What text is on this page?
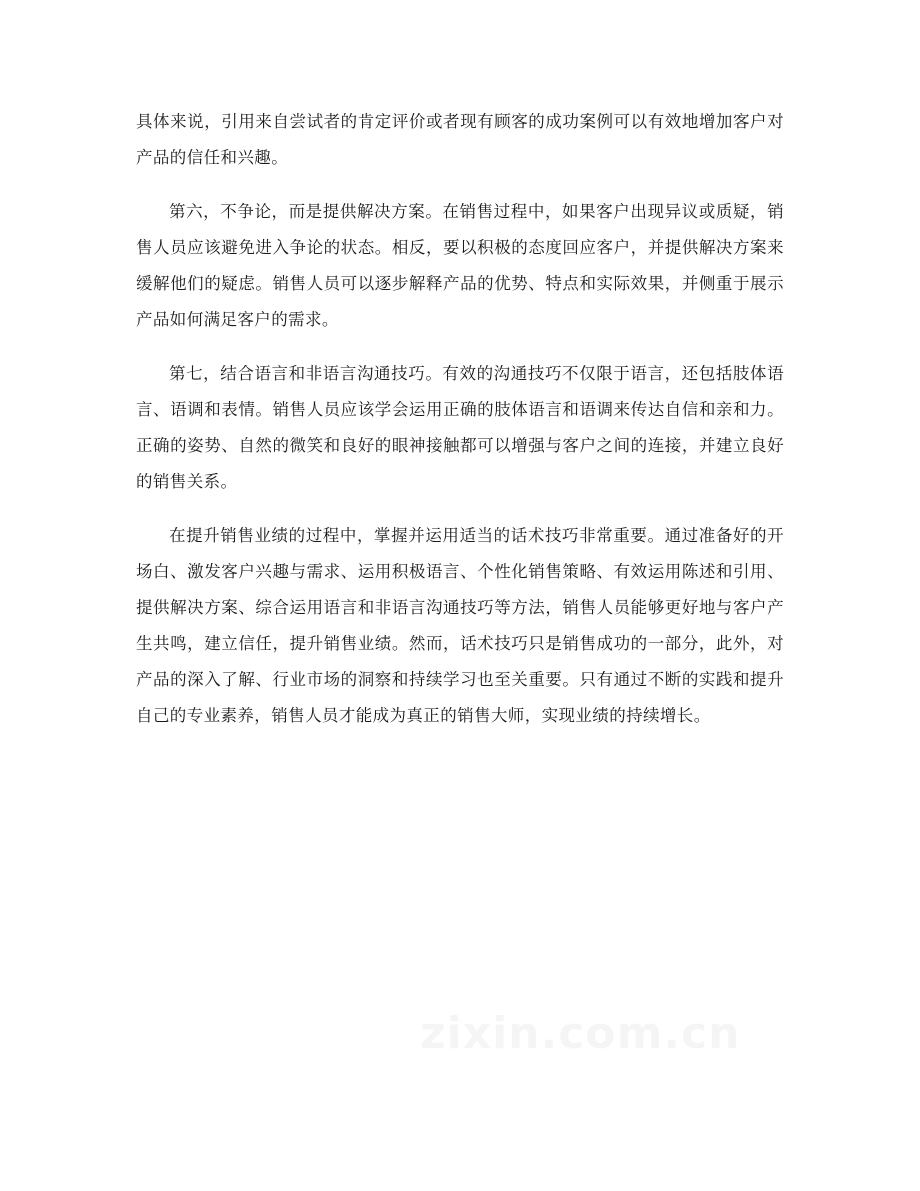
具体来说，引用来自尝试者的肯定评价或者现有顾客的成功案例可以有效地增加客户对产品的信任和兴趣。

第六，不争论，而是提供解决方案。在销售过程中，如果客户出现异议或质疑，销售人员应该避免进入争论的状态。相反，要以积极的态度回应客户，并提供解决方案来缓解他们的疑虑。销售人员可以逐步解释产品的优势、特点和实际效果，并侧重于展示产品如何满足客户的需求。

第七，结合语言和非语言沟通技巧。有效的沟通技巧不仅限于语言，还包括肢体语言、语调和表情。销售人员应该学会运用正确的肢体语言和语调来传达自信和亲和力。正确的姿势、自然的微笑和良好的眼神接触都可以增强与客户之间的连接，并建立良好的销售关系。

在提升销售业绩的过程中，掌握并运用适当的话术技巧非常重要。通过准备好的开场白、激发客户兴趣与需求、运用积极语言、个性化销售策略、有效运用陈述和引用、提供解决方案、综合运用语言和非语言沟通技巧等方法，销售人员能够更好地与客户产生共鸣，建立信任，提升销售业绩。然而，话术技巧只是销售成功的一部分，此外，对产品的深入了解、行业市场的洞察和持续学习也至关重要。只有通过不断的实践和提升自己的专业素养，销售人员才能成为真正的销售大师，实现业绩的持续增长。
